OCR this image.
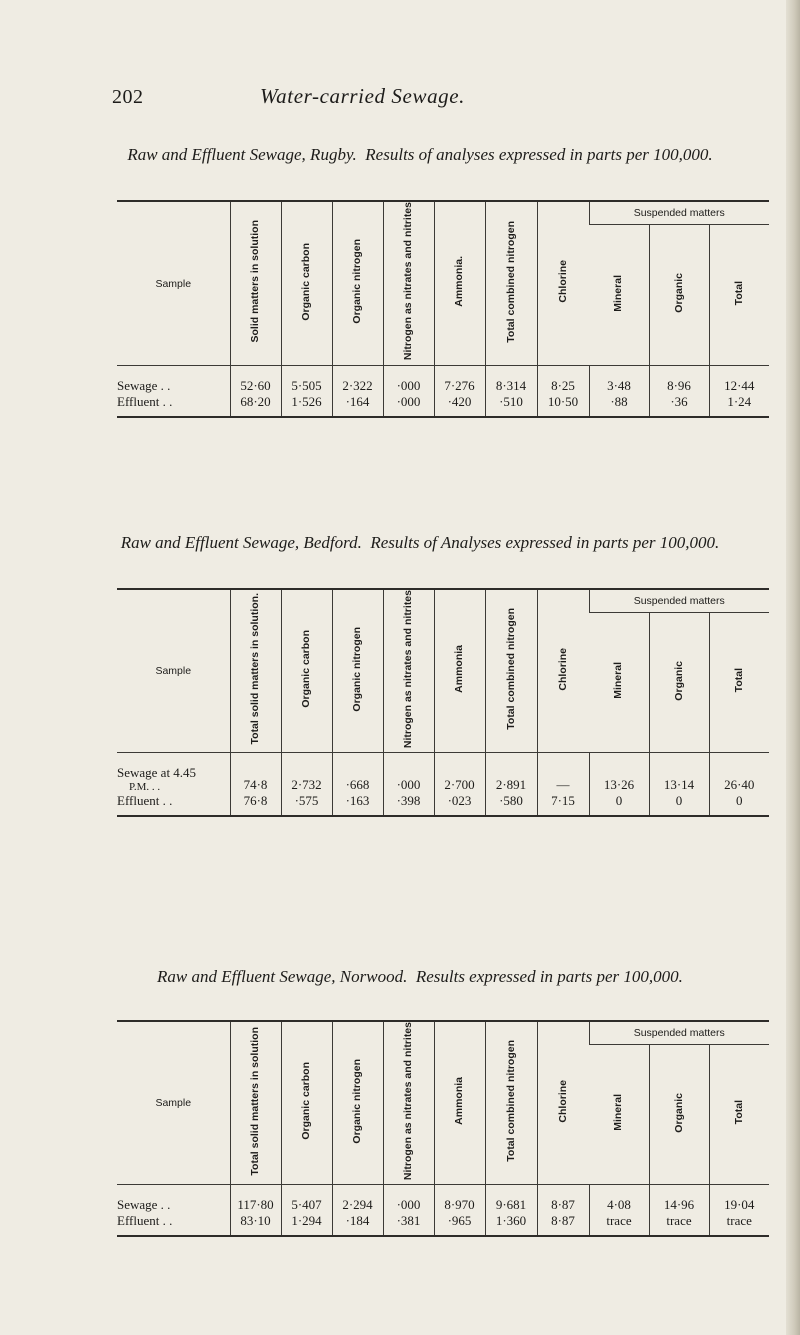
202	Water-carried Sewage.
Raw and Effluent Sewage, Rugby. Results of analyses expressed in parts per 100,000.
Sample	Solid matters in solution	Organic carbon	Organic nitrogen	Nitrogen as nitrates and nitrites	Ammonia.	Total combined nitrogen	Chlorine	Suspended matters		
								Mineral	Organic	Total
Sewage . .	52·60	5·505	2·322	·000	7·276	8·314	8·25	3·48	8·96	12·44
Effluent . .	68·20	1·526	·164	·000	·420	·510	10·50	·88	·36	1·24
Raw and Effluent Sewage, Bedford. Results of Analyses expressed in parts per 100,000.
Sample	Total solid matters in solution.	Organic carbon	Organic nitrogen	Nitrogen as nitrates and nitrites	Ammonia	Total combined nitrogen	Chlorine	Suspended matters		
								Mineral	Organic	Total

Sewage at 4.45
P.M. . .	74·8	2·732	·668	·000	2·700	2·891	—	13·26	13·14	26·40
Effluent . .	76·8	·575	·163	·398	·023	·580	7·15	0	0	0
Raw and Effluent Sewage, Norwood. Results expressed in parts per 100,000.
Sample	Total solid matters in solution	Organic carbon	Organic nitrogen	Nitrogen as nitrates and nitrites	Ammonia	Total combined nitrogen	Chlorine	Suspended matters		
								Mineral	Organic	Total
Sewage . .	117·80	5·407	2·294	·000	8·970	9·681	8·87	4·08	14·96	19·04
Effluent . .	83·10	1·294	·184	·381	·965	1·360	8·87	trace	trace	trace
